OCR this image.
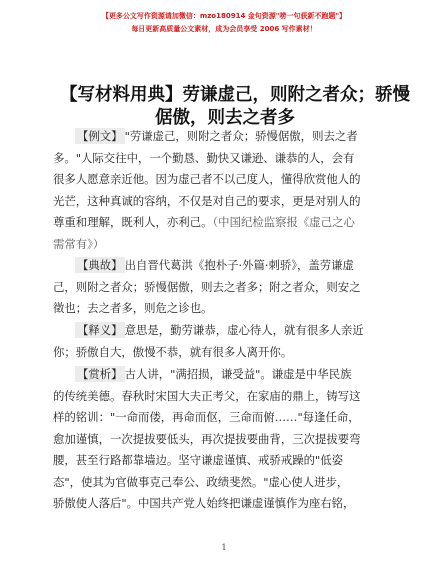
【更多公文写作资源请加微信：mzo180914 金句资源"唠一句获新不跑题"】
每日更新高质量公文素材，成为会员享受 2006 写作素材！
【写材料用典】劳谦虚己，则附之者众；骄慢
倨傲，则去之者多
【例文】 "劳谦虚己，则附之者众；骄慢倨傲，则去之者
多。"人际交往中，一个勤恳、勤快又谦逊、谦恭的人，会有
很多人愿意亲近他。因为虚己者不以己度人，懂得欣赏他人的
光芒，这种真诚的容纳，不仅是对自己的要求，更是对别人的
尊重和理解，既利人，亦利己。（中国纪检监察报《虚己之心
需常有》）
【典故】 出自晋代葛洪《抱朴子·外篇·刺骄》，盖劳谦虚
己，则附之者众；骄慢倨傲，则去之者多；附之者众，则安之
徵也；去之者多，则危之诊也。
【释义】 意思是，勤劳谦恭，虚心待人，就有很多人亲近
你；骄傲自大，傲慢不恭，就有很多人离开你。
【赏析】 古人讲，"满招损，谦受益"。谦虚是中华民族
的传统美德。春秋时宋国大夫正考父，在家庙的鼎上，铸写这
样的铭训："一命而偻，再命而伛，三命而俯……"每逢任命，
愈加谨慎，一次提拔要低头，再次提拔要曲背，三次提拔要弯
腰，甚至行路都靠墙边。坚守谦虚谨慎、戒骄戒躁的"低姿
态"，使其为官做事克己奉公、政绩斐然。"虚心使人进步，
骄傲使人落后"。中国共产党人始终把谦虚谨慎作为座右铭，
1
